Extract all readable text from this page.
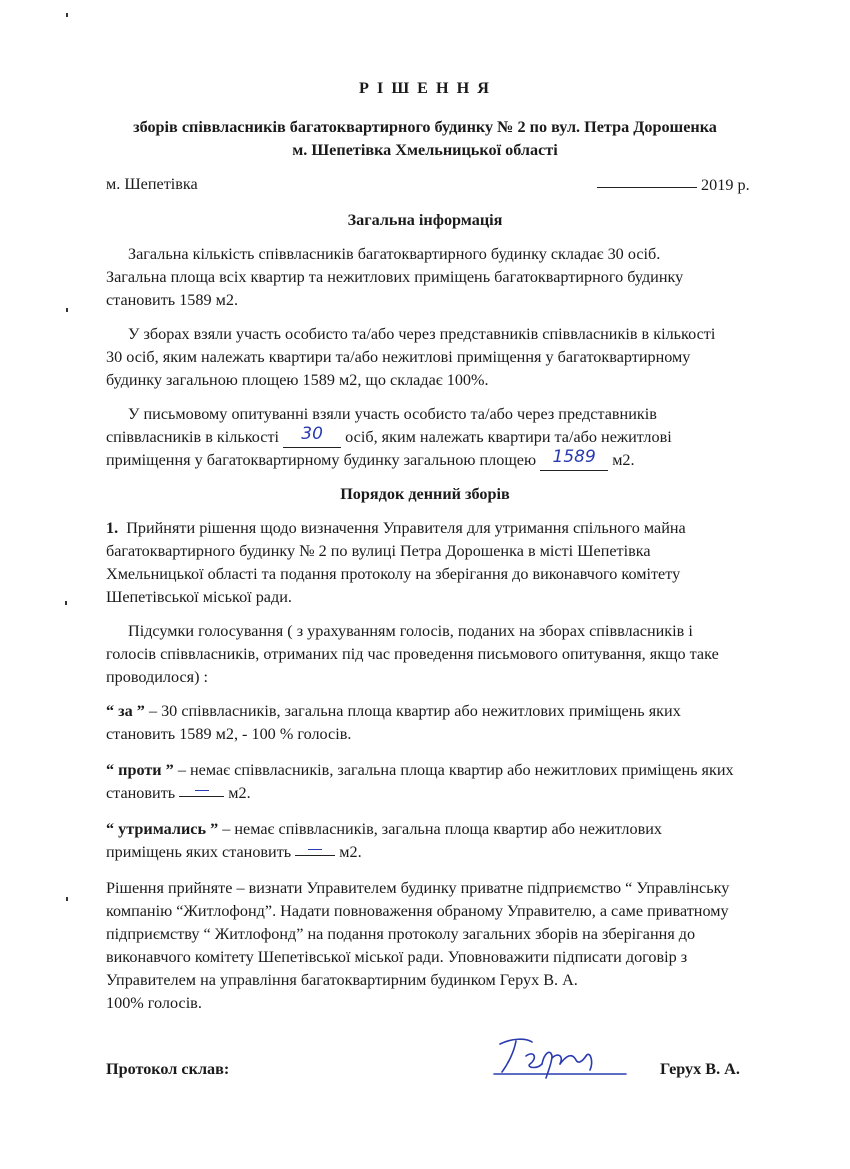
Р І Ш Е Н Н Я
зборів співвласників багатоквартирного будинку № 2 по вул. Петра Дорошенка
м. Шепетівка Хмельницької області
м. Шепетівка	2019 р.
Загальна інформація
Загальна кількість співвласників багатоквартирного будинку складає 30 осіб.
Загальна площа всіх квартир та нежитлових приміщень багатоквартирного будинку
становить 1589 м2.
У зборах взяли участь особисто та/або через представників співвласників в кількості
30 осіб, яким належать квартири та/або нежитлові приміщення у багатоквартирному
будинку загальною площею 1589 м2, що складає 100%.
У письмовому опитуванні взяли участь особисто та/або через представників
співвласників в кількості 30 осіб, яким належать квартири та/або нежитлові
приміщення у багатоквартирному будинку загальною площею 1589 м2.
Порядок денний зборів
1. Прийняти рішення щодо визначення Управителя для утримання спільного майна
багатоквартирного будинку № 2 по вулиці Петра Дорошенка в місті Шепетівка
Хмельницької області та подання протоколу на зберігання до виконавчого комітету
Шепетівської міської ради.
Підсумки голосування ( з урахуванням голосів, поданих на зборах співвласників і
голосів співвласників, отриманих під час проведення письмового опитування, якщо таке
проводилося) :
“ за ” – 30 співвласників, загальна площа квартир або нежитлових приміщень яких
становить 1589 м2, - 100 % голосів.
“ проти ” – немає співвласників, загальна площа квартир або нежитлових приміщень яких
становить	м2.
“ утримались ” – немає співвласників, загальна площа квартир або нежитлових
приміщень яких становить	м2.
Рішення прийняте – визнати Управителем будинку приватне підприємство “ Управлінську
компанію “Житлофонд”. Надати повноваження обраному Управителю, а саме приватному
підприємству “ Житлофонд” на подання протоколу загальних зборів на зберігання до
виконавчого комітету Шепетівської міської ради. Уповноважити підписати договір з
Управителем на управління багатоквартирним будинком Герух В. А.
100% голосів.
Протокол склав:	Герух В. А.
